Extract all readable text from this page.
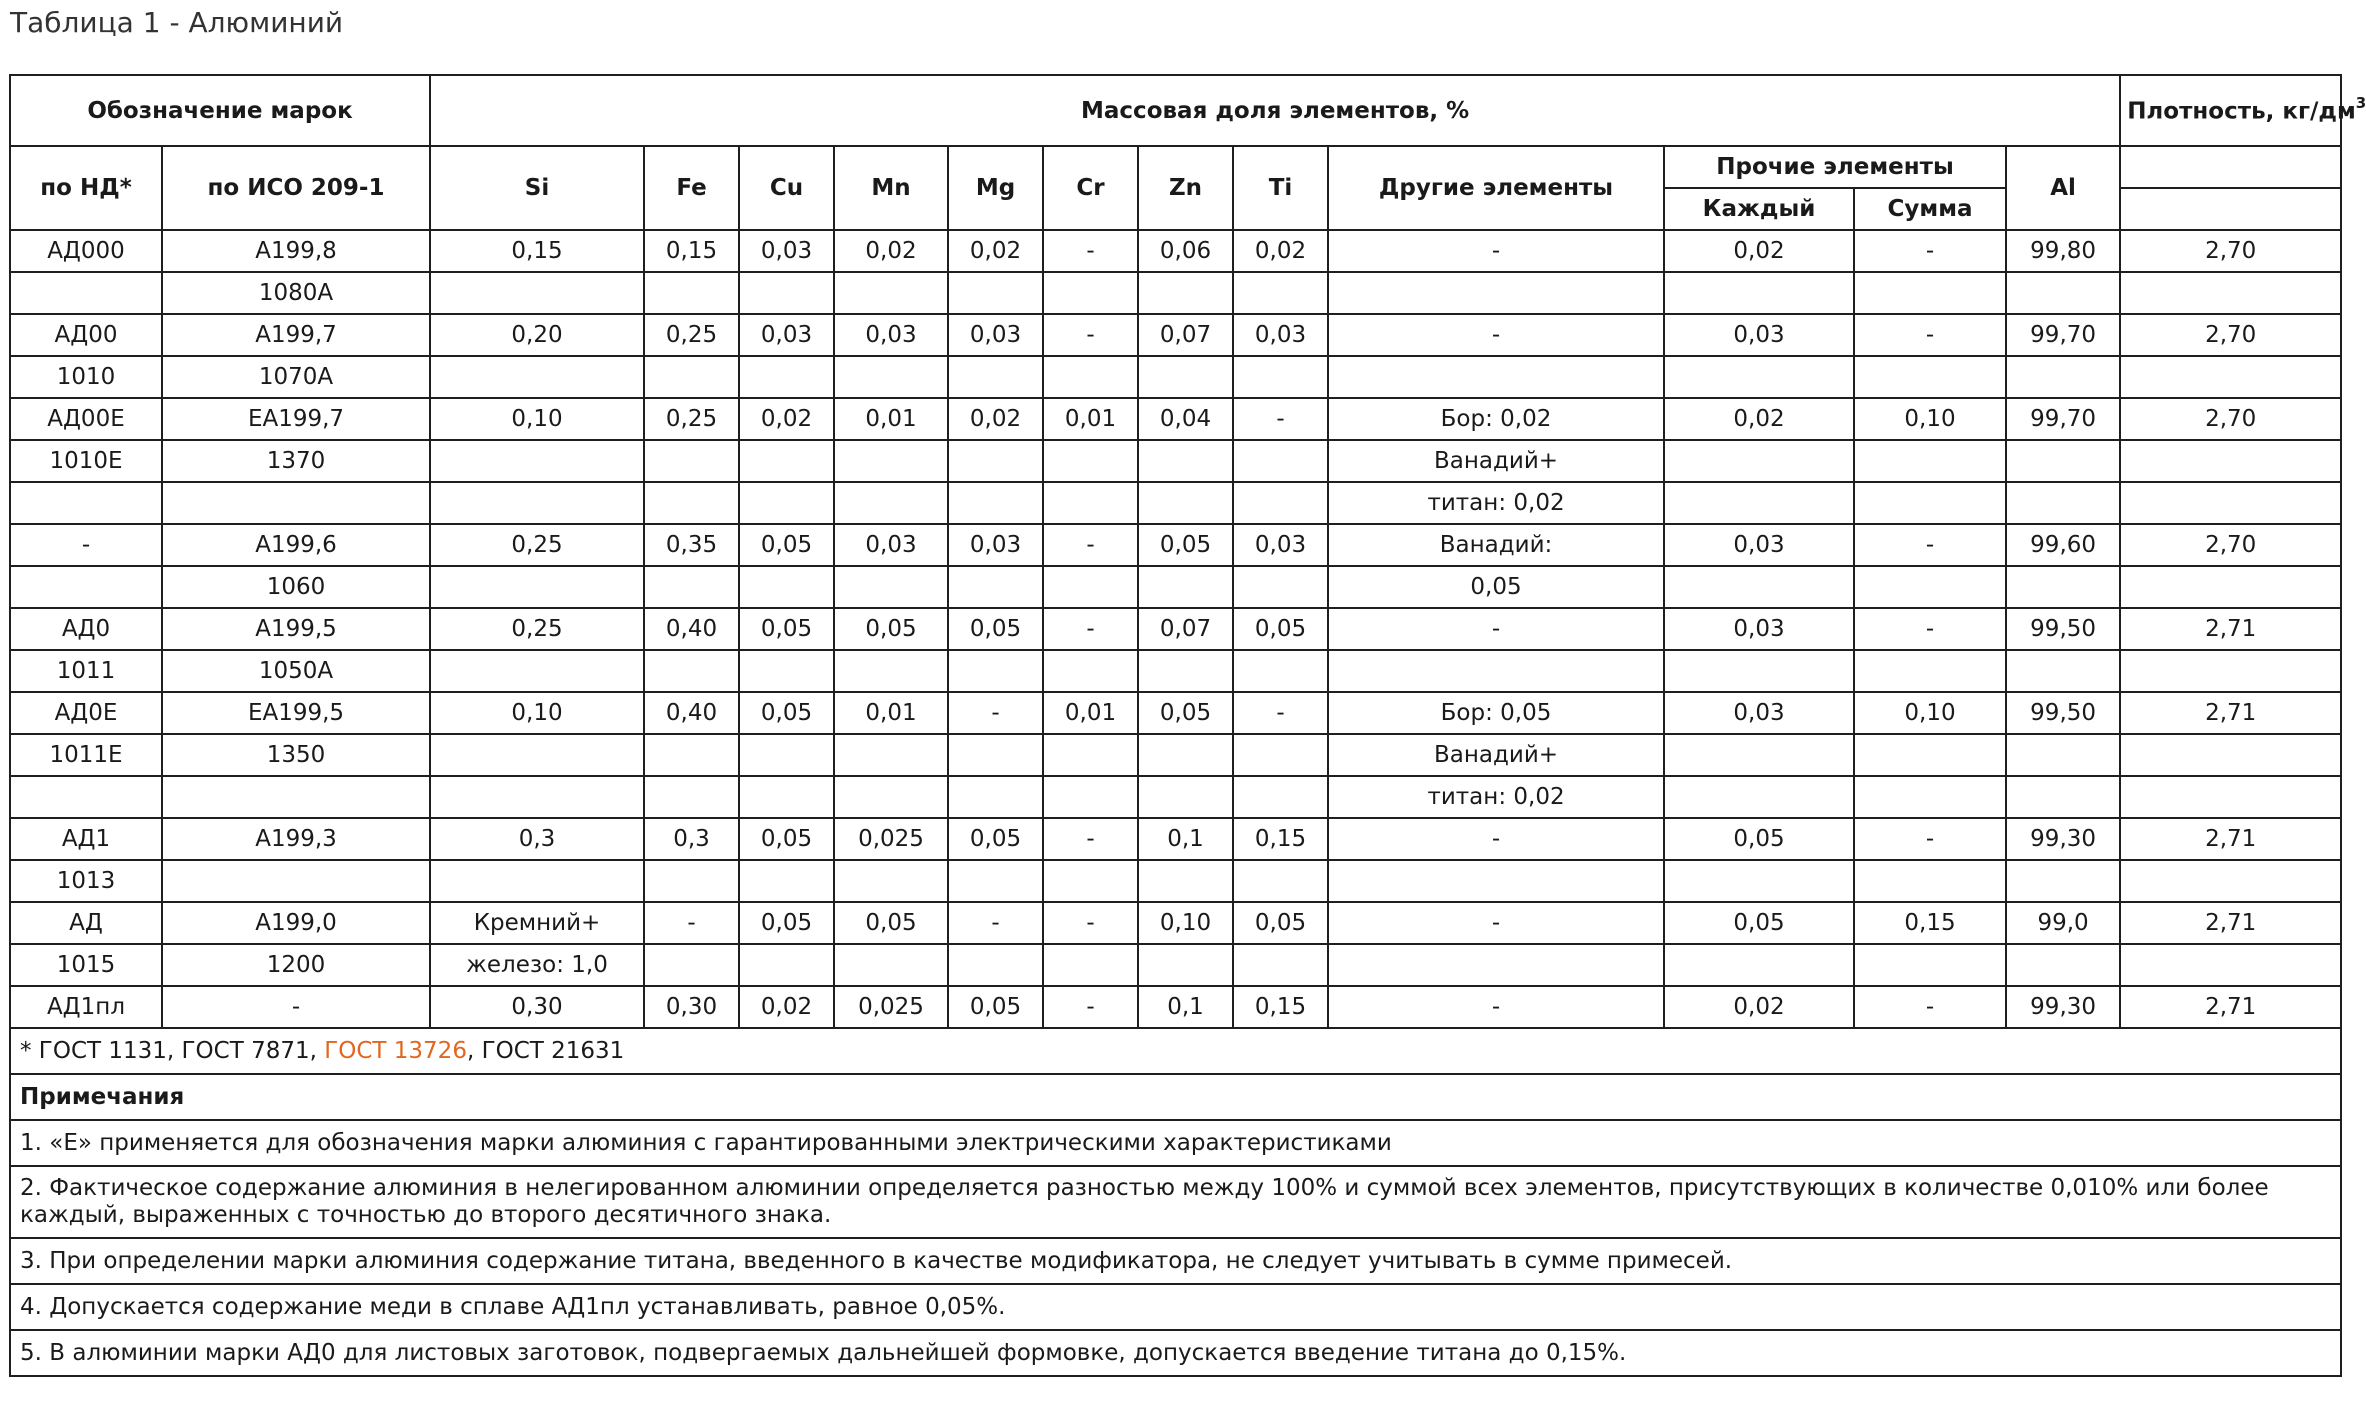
Таблица 1 - Алюминий
Обозначение марок		Массовая доля элементов, %												Плотность, $кг/дм^3$
по НД*	по ИСО 209-1	Si	Fe	Cu	Mn	Mg	Cr	Zn	Ti	Другие элементы	Прочие элементы		Al	
											Каждый	Сумма		
АД000	А199,8	0,15	0,15	0,03	0,02	0,02	-	0,06	0,02	-	0,02	-	99,80	2,70
	1080А													
АД00	А199,7	0,20	0,25	0,03	0,03	0,03	-	0,07	0,03	-	0,03	-	99,70	2,70
1010	1070А													
АД00Е	ЕА199,7	0,10	0,25	0,02	0,01	0,02	0,01	0,04	-	Бор: 0,02	0,02	0,10	99,70	2,70
1010Е	1370									Ванадий+				
										титан: 0,02				
-	А199,6	0,25	0,35	0,05	0,03	0,03	-	0,05	0,03	Ванадий:	0,03	-	99,60	2,70
	1060									0,05				
АД0	А199,5	0,25	0,40	0,05	0,05	0,05	-	0,07	0,05	-	0,03	-	99,50	2,71
1011	1050А													
АД0Е	ЕА199,5	0,10	0,40	0,05	0,01	-	0,01	0,05	-	Бор: 0,05	0,03	0,10	99,50	2,71
1011Е	1350									Ванадий+				
										титан: 0,02				
АД1	А199,3	0,3	0,3	0,05	0,025	0,05	-	0,1	0,15	-	0,05	-	99,30	2,71
1013														
АД	А199,0	Кремний+	-	0,05	0,05	-	-	0,10	0,05	-	0,05	0,15	99,0	2,71
1015	1200	железо: 1,0												
АД1пл	-	0,30	0,30	0,02	0,025	0,05	-	0,1	0,15	-	0,02	-	99,30	2,71
* ГОСТ 1131, ГОСТ 7871, ГОСТ 13726, ГОСТ 21631														
Примечания														
1. «Е» применяется для обозначения марки алюминия с гарантированными электрическими характеристиками														
2. Фактическое содержание алюминия в нелегированном алюминии определяется разностью между 100% и суммой всех элементов, присутствующих в количестве 0,010% или более каждый, выраженных с точностью до второго десятичного знака.														
3. При определении марки алюминия содержание титана, введенного в качестве модификатора, не следует учитывать в сумме примесей.														
4. Допускается содержание меди в сплаве АД1пл устанавливать, равное 0,05%.														
5. В алюминии марки АД0 для листовых заготовок, подвергаемых дальнейшей формовке, допускается введение титана до 0,15%.														
